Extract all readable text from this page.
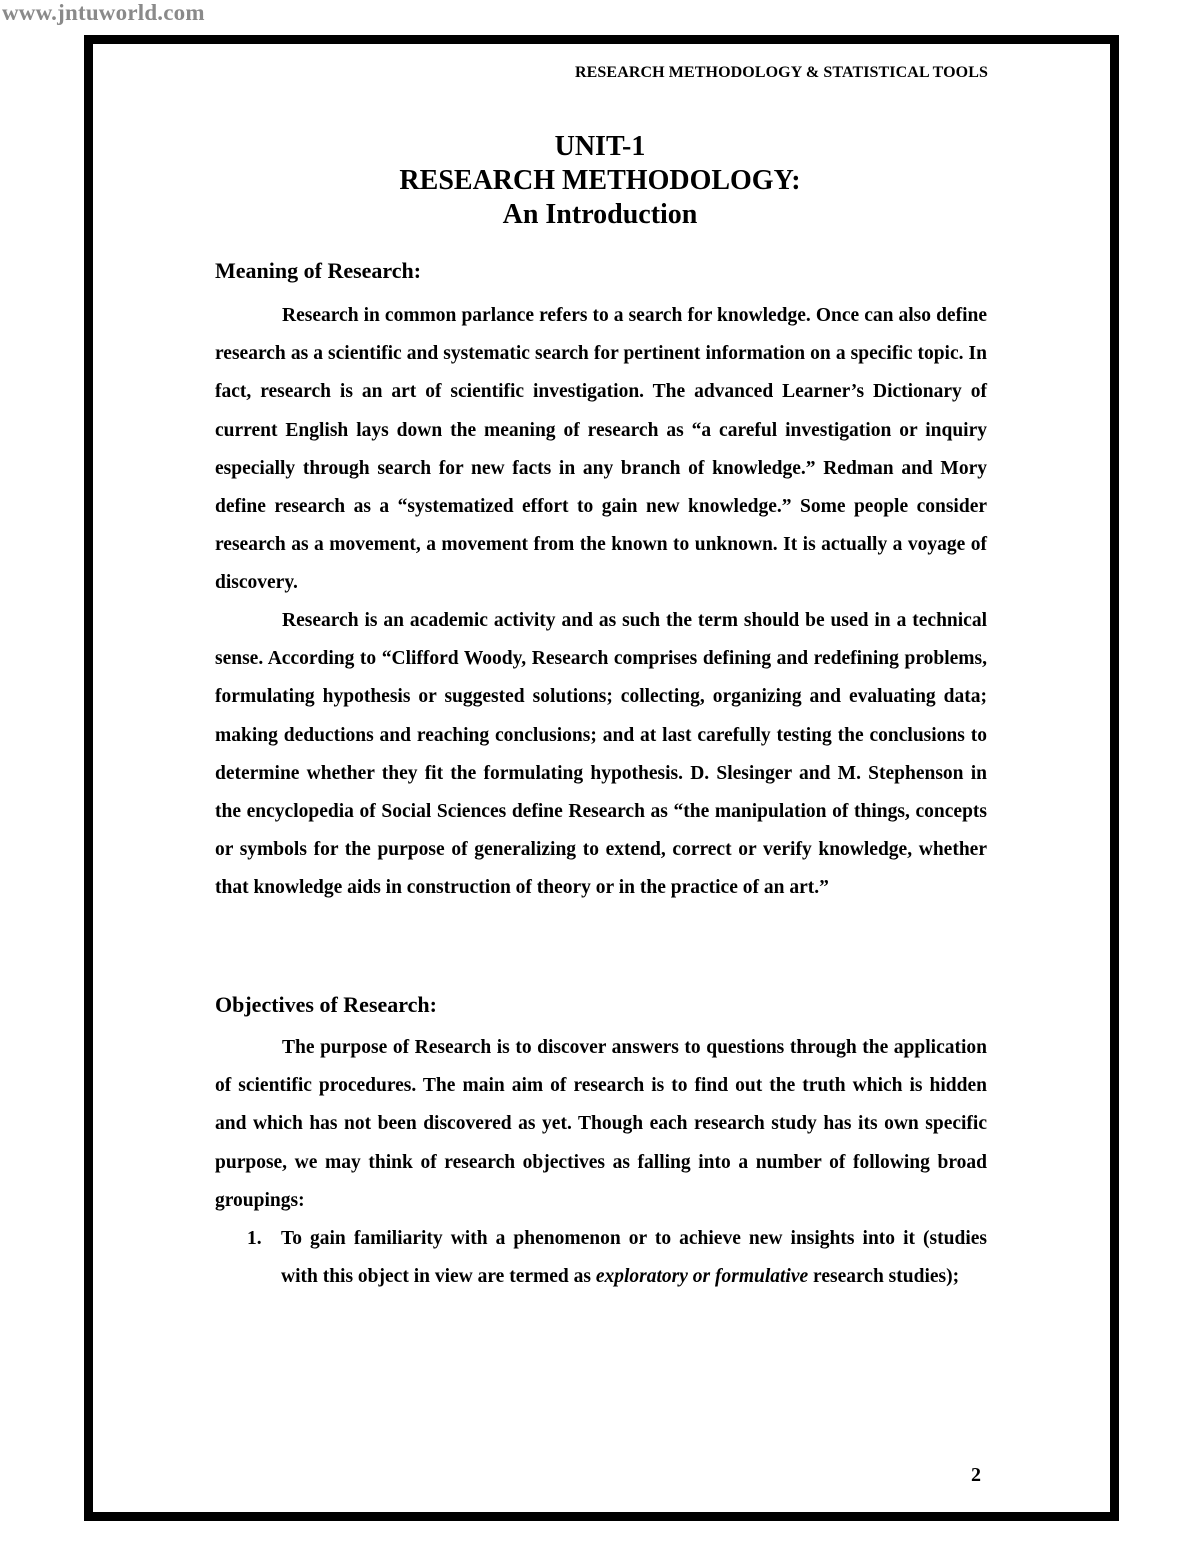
www.jntuworld.com
RESEARCH METHODOLOGY & STATISTICAL TOOLS
UNIT-1
RESEARCH METHODOLOGY:
An Introduction
Meaning of Research:

Research in common parlance refers to a search for knowledge. Once can also define research as a scientific and systematic search for pertinent information on a specific topic. In fact, research is an art of scientific investigation. The advanced Learner’s Dictionary of current English lays down the meaning of research as “a careful investigation or inquiry especially through search for new facts in any branch of knowledge.” Redman and Mory define research as a “systematized effort to gain new knowledge.” Some people consider research as a movement, a movement from the known to unknown. It is actually a voyage of discovery.

Research is an academic activity and as such the term should be used in a technical sense. According to “Clifford Woody, Research comprises defining and redefining problems, formulating hypothesis or suggested solutions; collecting, organizing and evaluating data; making deductions and reaching conclusions; and at last carefully testing the conclusions to determine whether they fit the formulating hypothesis. D. Slesinger and M. Stephenson in the encyclopedia of Social Sciences define Research as “the manipulation of things, concepts or symbols for the purpose of generalizing to extend, correct or verify knowledge, whether that knowledge aids in construction of theory or in the practice of an art.”

Objectives of Research:

The purpose of Research is to discover answers to questions through the application of scientific procedures. The main aim of research is to find out the truth which is hidden and which has not been discovered as yet. Though each research study has its own specific purpose, we may think of research objectives as falling into a number of following broad groupings:

1. To gain familiarity with a phenomenon or to achieve new insights into it (studies with this object in view are termed as exploratory or formulative research studies);
2
